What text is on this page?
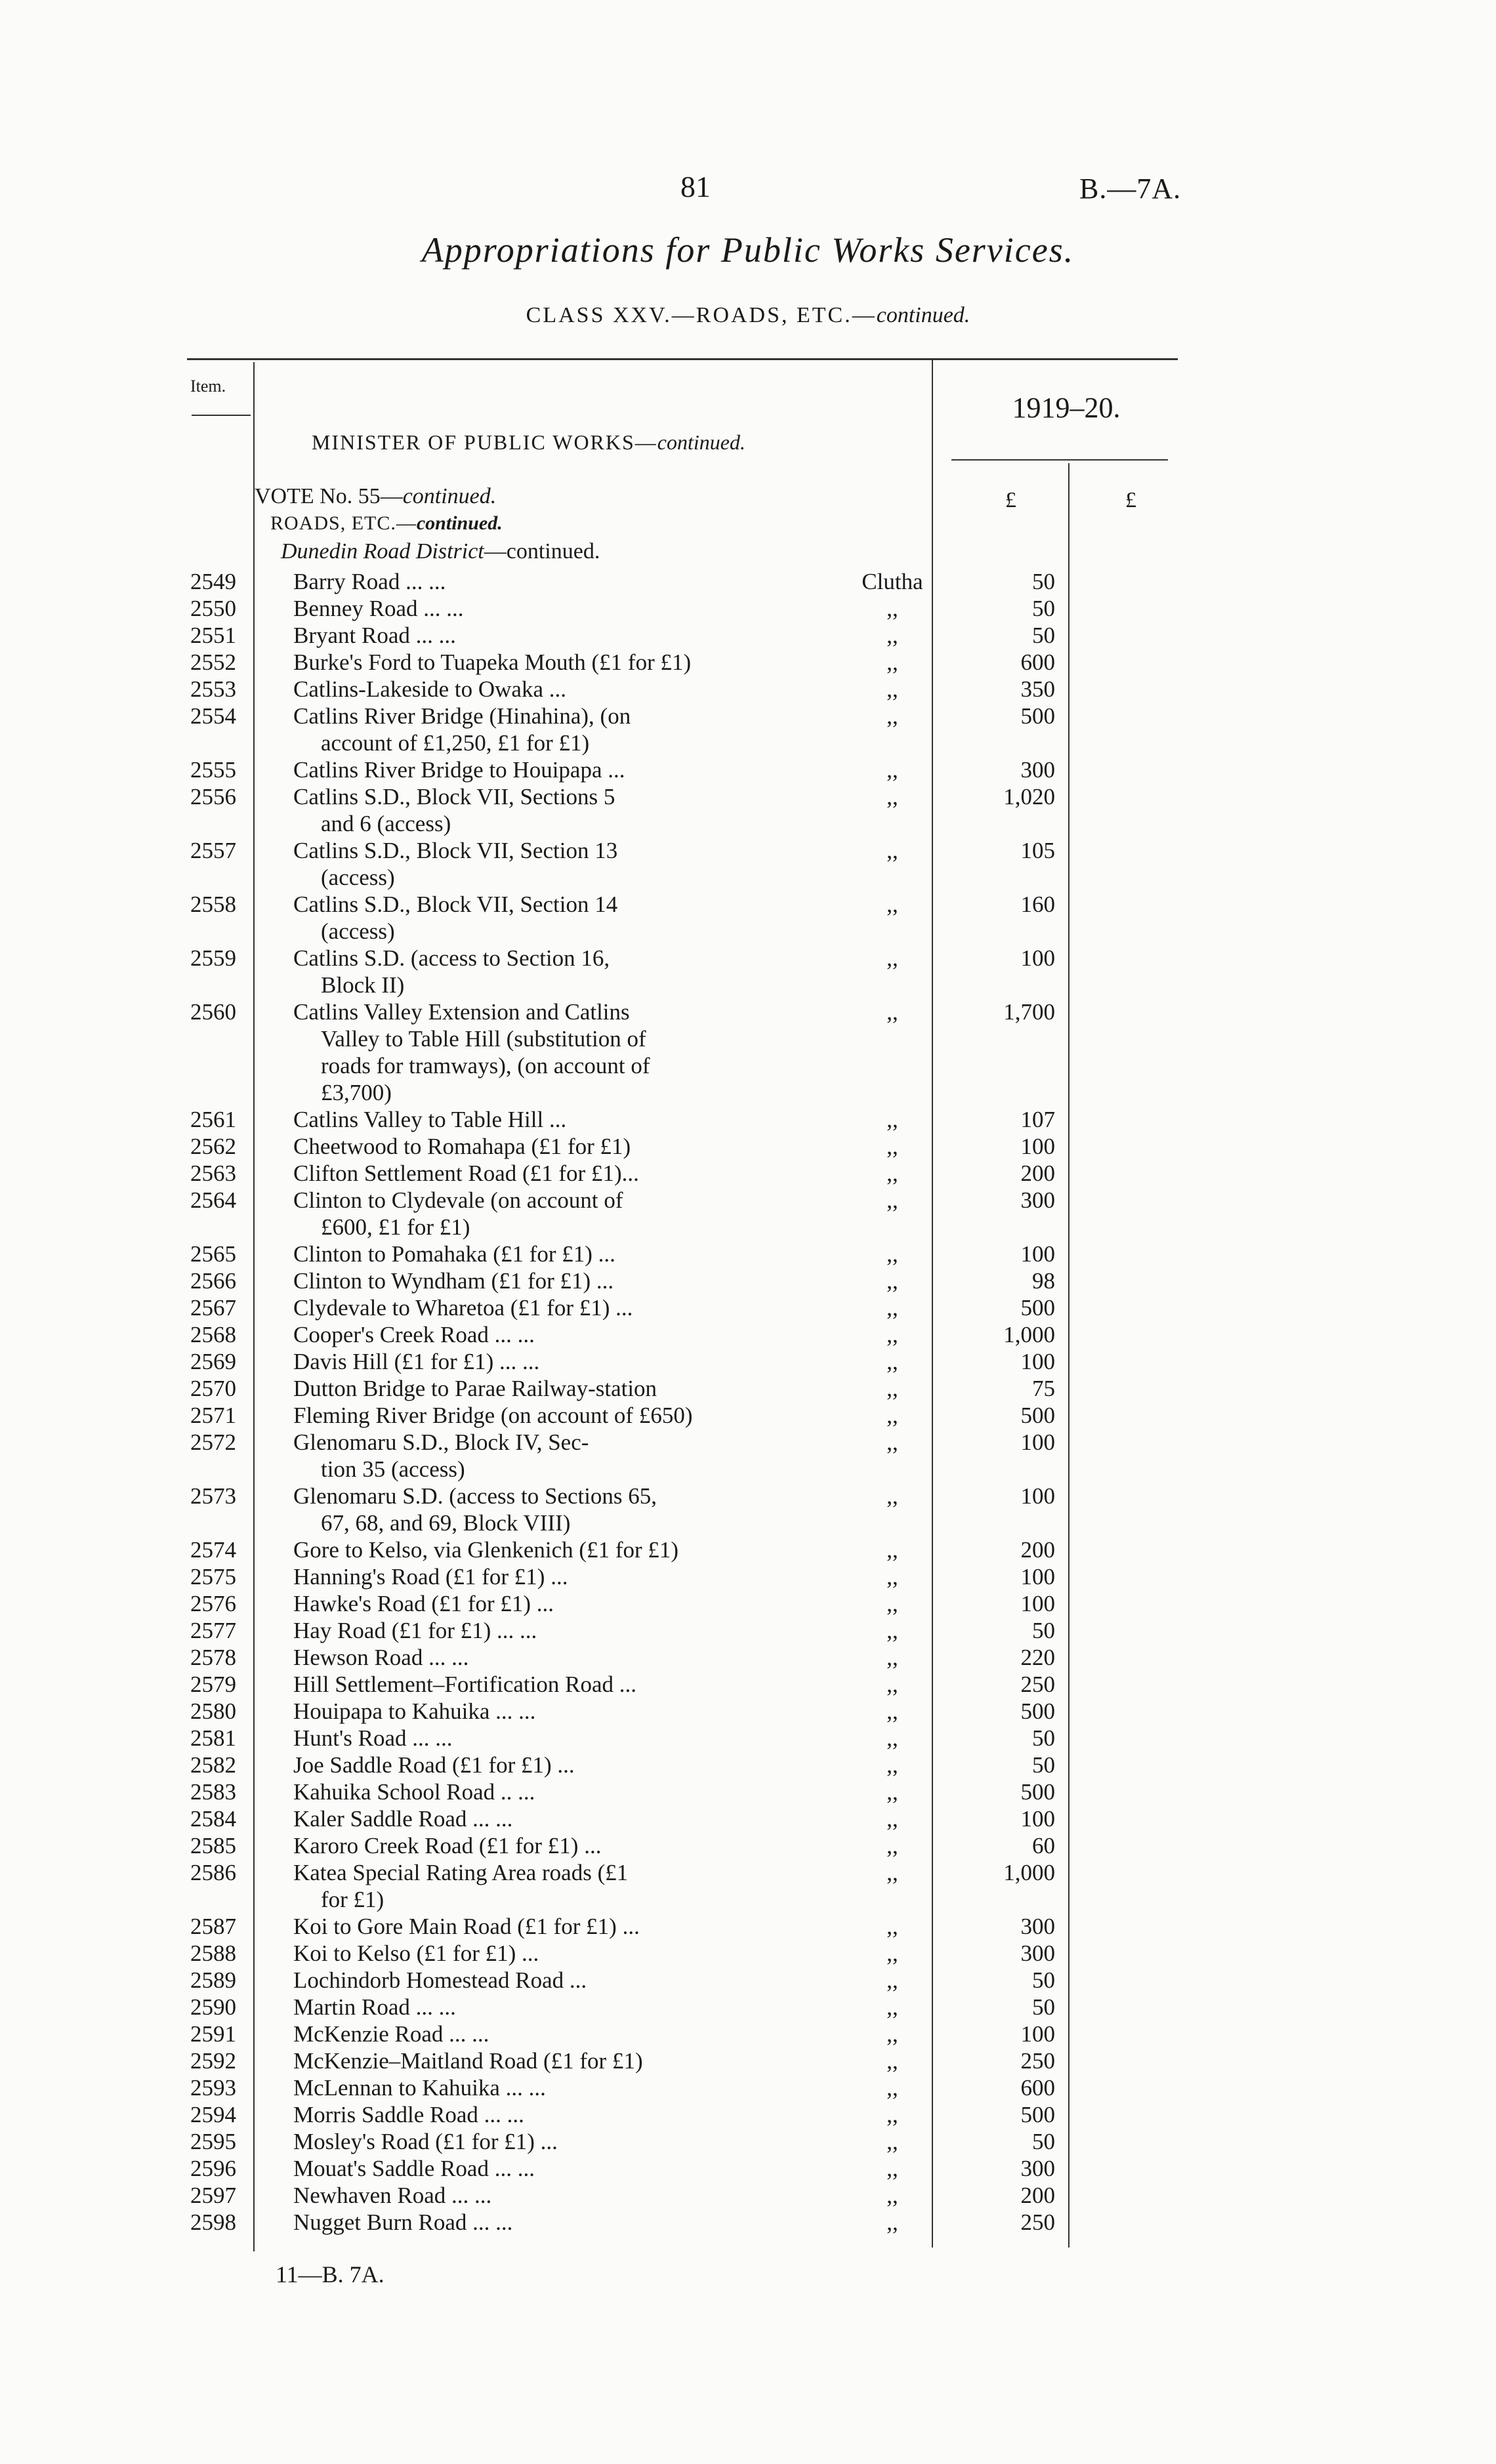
81	B.—7A.
Appropriations for Public Works Services.
CLASS XXV.—ROADS, ETC.—continued.
Item.
1919–20.
MINISTER OF PUBLIC WORKS—continued.
VOTE No. 55—continued.
ROADS, ETC.—continued.
Dunedin Road District—continued.
£	£
2549 Barry Road ... ...	Clutha	50
2550 Benney Road ... ...	,,	50
2551 Bryant Road ... ...	,,	50
2552 Burke's Ford to Tuapeka Mouth (£1 for £1)	,,	600
2553 Catlins-Lakeside to Owaka ...	,,	350
2554 Catlins River Bridge (Hinahina), (on
account of £1,250, £1 for £1)
,,	500
2555 Catlins River Bridge to Houipapa ...	,,	300
2556 Catlins S.D., Block VII, Sections 5
and 6 (access)
,,	1,020
2557 Catlins S.D., Block VII, Section 13
(access)
,,	105
2558 Catlins S.D., Block VII, Section 14
(access)
,,	160
2559 Catlins S.D. (access to Section 16,
Block II)
,,	100
2560 Catlins Valley Extension and Catlins
Valley to Table Hill (substitution of
roads for tramways), (on account of
£3,700)
,,	1,700
2561 Catlins Valley to Table Hill ...	,,	107
2562 Cheetwood to Romahapa (£1 for £1)	,,	100
2563 Clifton Settlement Road (£1 for £1)...	,,	200
2564 Clinton to Clydevale (on account of
£600, £1 for £1)
,,	300
2565 Clinton to Pomahaka (£1 for £1) ...	,,	100
2566 Clinton to Wyndham (£1 for £1) ...	,,	98
2567 Clydevale to Wharetoa (£1 for £1) ...	,,	500
2568 Cooper's Creek Road ... ...	,,	1,000
2569 Davis Hill (£1 for £1) ... ...	,,	100
2570 Dutton Bridge to Parae Railway-station	,,	75
2571 Fleming River Bridge (on account of £650)	,,	500
2572 Glenomaru S.D., Block IV, Sec-
tion 35 (access)
,,	100
2573 Glenomaru S.D. (access to Sections 65,
67, 68, and 69, Block VIII)
,,	100
2574 Gore to Kelso, via Glenkenich (£1 for £1)	,,	200
2575 Hanning's Road (£1 for £1) ...	,,	100
2576 Hawke's Road (£1 for £1) ...	,,	100
2577 Hay Road (£1 for £1) ... ...	,,	50
2578 Hewson Road ... ...	,,	220
2579 Hill Settlement–Fortification Road ...	,,	250
2580 Houipapa to Kahuika ... ...	,,	500
2581 Hunt's Road ... ...	,,	50
2582 Joe Saddle Road (£1 for £1) ...	,,	50
2583 Kahuika School Road .. ...	,,	500
2584 Kaler Saddle Road ... ...	,,	100
2585 Karoro Creek Road (£1 for £1) ...	,,	60
2586 Katea Special Rating Area roads (£1
for £1)
,,	1,000
2587 Koi to Gore Main Road (£1 for £1) ...	,,	300
2588 Koi to Kelso (£1 for £1) ...	,,	300
2589 Lochindorb Homestead Road ...	,,	50
2590 Martin Road ... ...	,,	50
2591 McKenzie Road ... ...	,,	100
2592 McKenzie–Maitland Road (£1 for £1)	,,	250
2593 McLennan to Kahuika ... ...	,,	600
2594 Morris Saddle Road ... ...	,,	500
2595 Mosley's Road (£1 for £1) ...	,,	50
2596 Mouat's Saddle Road ... ...	,,	300
2597 Newhaven Road ... ...	,,	200
2598 Nugget Burn Road ... ...	,,	250
11—B. 7A.
